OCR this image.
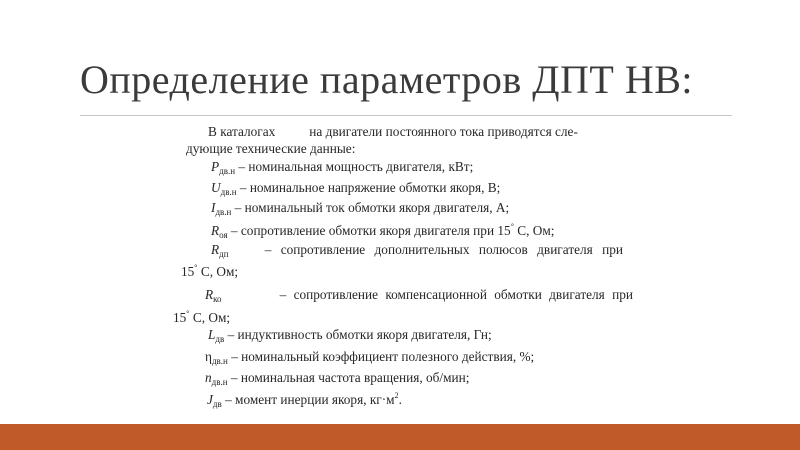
Определение параметров ДПТ НВ:
В каталогах	на двигатели постоянного тока приводятся сле-
дующие технические данные:
$P_{дв.н}$ – номинальная мощность двигателя, кВт;
$U_{дв.н}$ – номинальное напряжение обмотки якоря, В;
$I_{дв.н}$ – номинальный ток обмотки якоря двигателя, А;
$R_{оя}$ – сопротивление обмотки якоря двигателя при 15° С, Ом;
$R_{дп}$	– сопротивление дополнительных полюсов двигателя при
15° С, Ом;
$R_{ко}$	– сопротивление компенсационной обмотки двигателя при
15° С, Ом;
$L_{дв}$ – индуктивность обмотки якоря двигателя, Гн;
$\eta_{дв.н}$ – номинальный коэффициент полезного действия, %;
$n_{дв.н}$ – номинальная частота вращения, об/мин;
$J_{дв}$ – момент инерции якоря, $кг\cdot м^2$.
